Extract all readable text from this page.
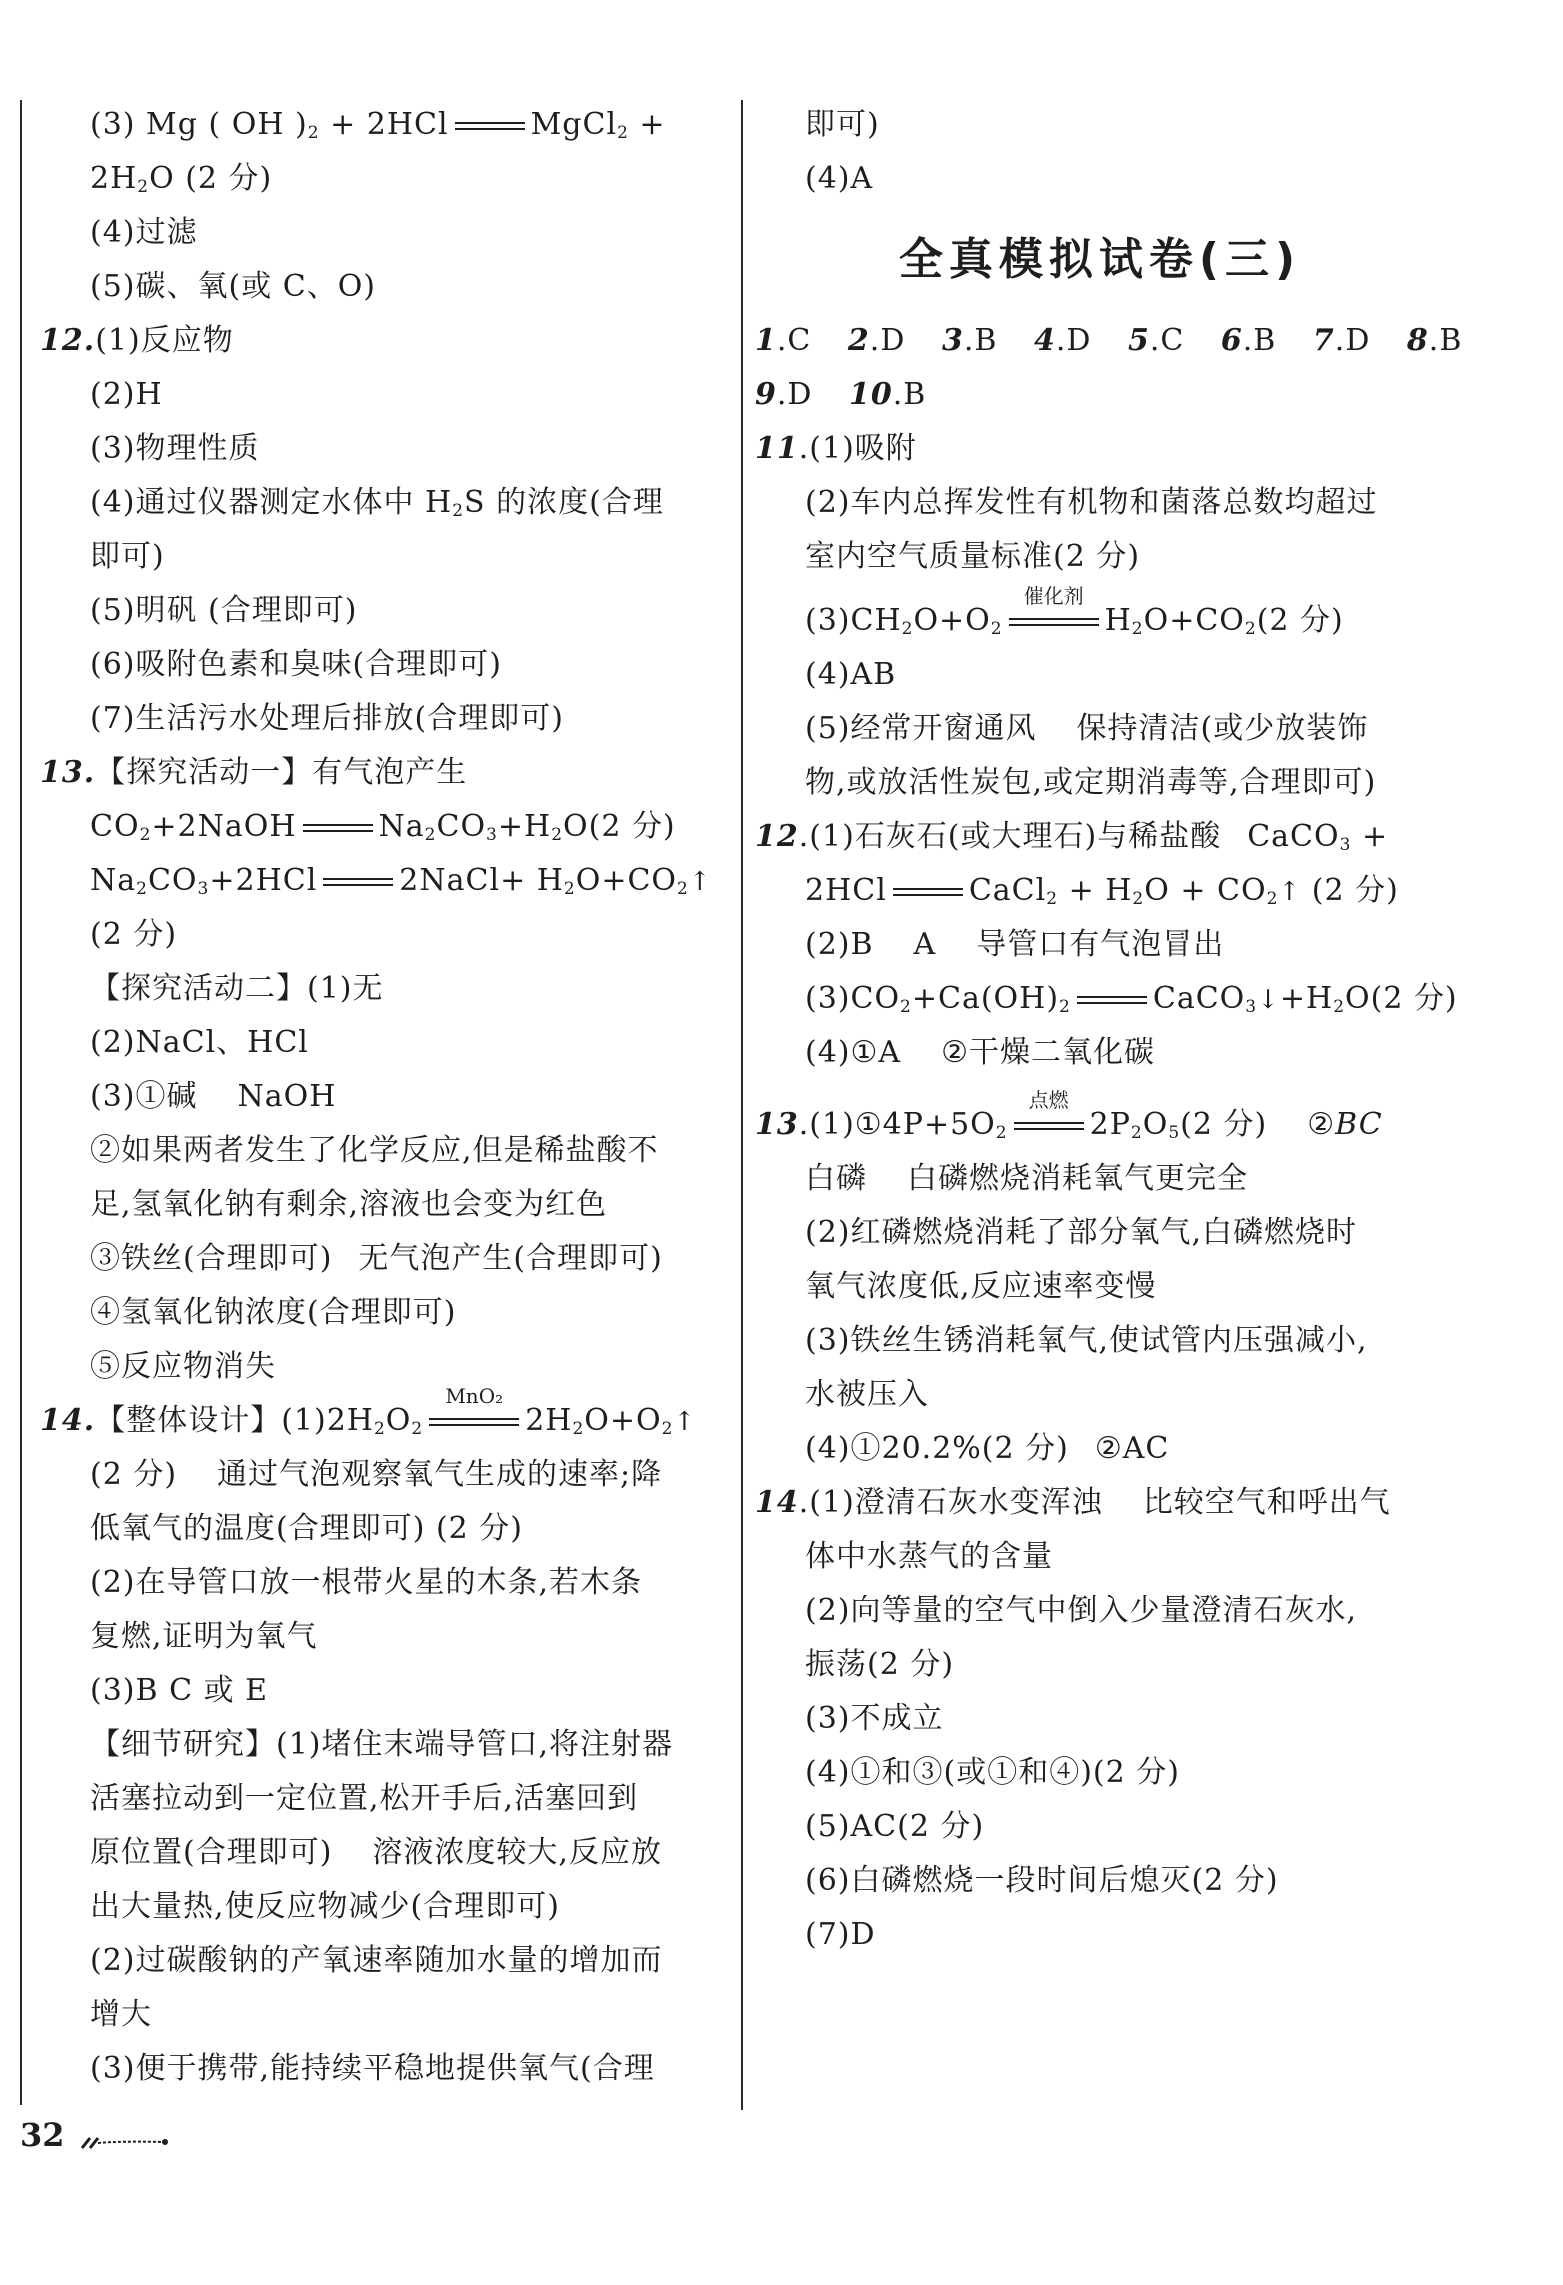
(3) Mg ( OH )$_2 + 2HCl$	MgCl$_2$ +
$2H_2O$ (2 分)
(4)过滤
(5)碳、氧(或 C、O)
12.(1)反应物
(2)H
(3)物理性质
(4)通过仪器测定水体中 $H_2S$ 的浓度(合理
即可)
(5)明矾 (合理即可)
(6)吸附色素和臭味(合理即可)
(7)生活污水处理后排放(合理即可)
13.【探究活动一】有气泡产生
$CO_2+2NaOH$	$Na_2CO_3+H_2O(2$ 分)
$Na_2CO_3+2HCl$	2NaCl+ $H_2O+CO_2↑$
(2 分)
【探究活动二】(1)无
(2)NaCl、HCl
(3)①碱 NaOH
②如果两者发生了化学反应,但是稀盐酸不
足,氢氧化钠有剩余,溶液也会变为红色
③铁丝(合理即可) 无气泡产生(合理即可)
④氢氧化钠浓度(合理即可)
⑤反应物消失
14.【整体设计】$(1)2H_2O_2$
MnO₂
$2H_2O+O_2↑$
(2 分) 通过气泡观察氧气生成的速率;降
低氧气的温度(合理即可) (2 分)
(2)在导管口放一根带火星的木条,若木条
复燃,证明为氧气
(3)B C 或 E
【细节研究】(1)堵住末端导管口,将注射器
活塞拉动到一定位置,松开手后,活塞回到
原位置(合理即可) 溶液浓度较大,反应放
出大量热,使反应物减少(合理即可)
(2)过碳酸钠的产氧速率随加水量的增加而
增大
(3)便于携带,能持续平稳地提供氧气(合理
即可)
(4)A
全真模拟试卷(三)
1.C 2.D 3.B 4.D 5.C 6.B 7.D 8.B
9.D 10.B
11.(1)吸附
(2)车内总挥发性有机物和菌落总数均超过
室内空气质量标准(2 分)
$(3)CH_2O+O_2$
催化剂
$H_2O+CO_2(2$ 分)
(4)AB
(5)经常开窗通风 保持清洁(或少放装饰
物,或放活性炭包,或定期消毒等,合理即可)
12.(1)石灰石(或大理石)与稀盐酸 CaCO$_3$ +
2HCl	CaCl$_2$ + $H_2O$ + $CO_2↑$ (2 分)
(2)B A 导管口有气泡冒出
$(3)CO_2+Ca(OH)_2$	$CaCO_3↓+H_2O(2$ 分)
(4)①A ②干燥二氧化碳
$13.(1)①4P+5O_2$
点燃
$2P_2O_5(2$ 分) ②BC
白磷 白磷燃烧消耗氧气更完全
(2)红磷燃烧消耗了部分氧气,白磷燃烧时
氧气浓度低,反应速率变慢
(3)铁丝生锈消耗氧气,使试管内压强减小,
水被压入
(4)①20.2%(2 分) ②AC
14.(1)澄清石灰水变浑浊 比较空气和呼出气
体中水蒸气的含量
(2)向等量的空气中倒入少量澄清石灰水,
振荡(2 分)
(3)不成立
(4)①和③(或①和④)(2 分)
(5)AC(2 分)
(6)白磷燃烧一段时间后熄灭(2 分)
(7)D
32
